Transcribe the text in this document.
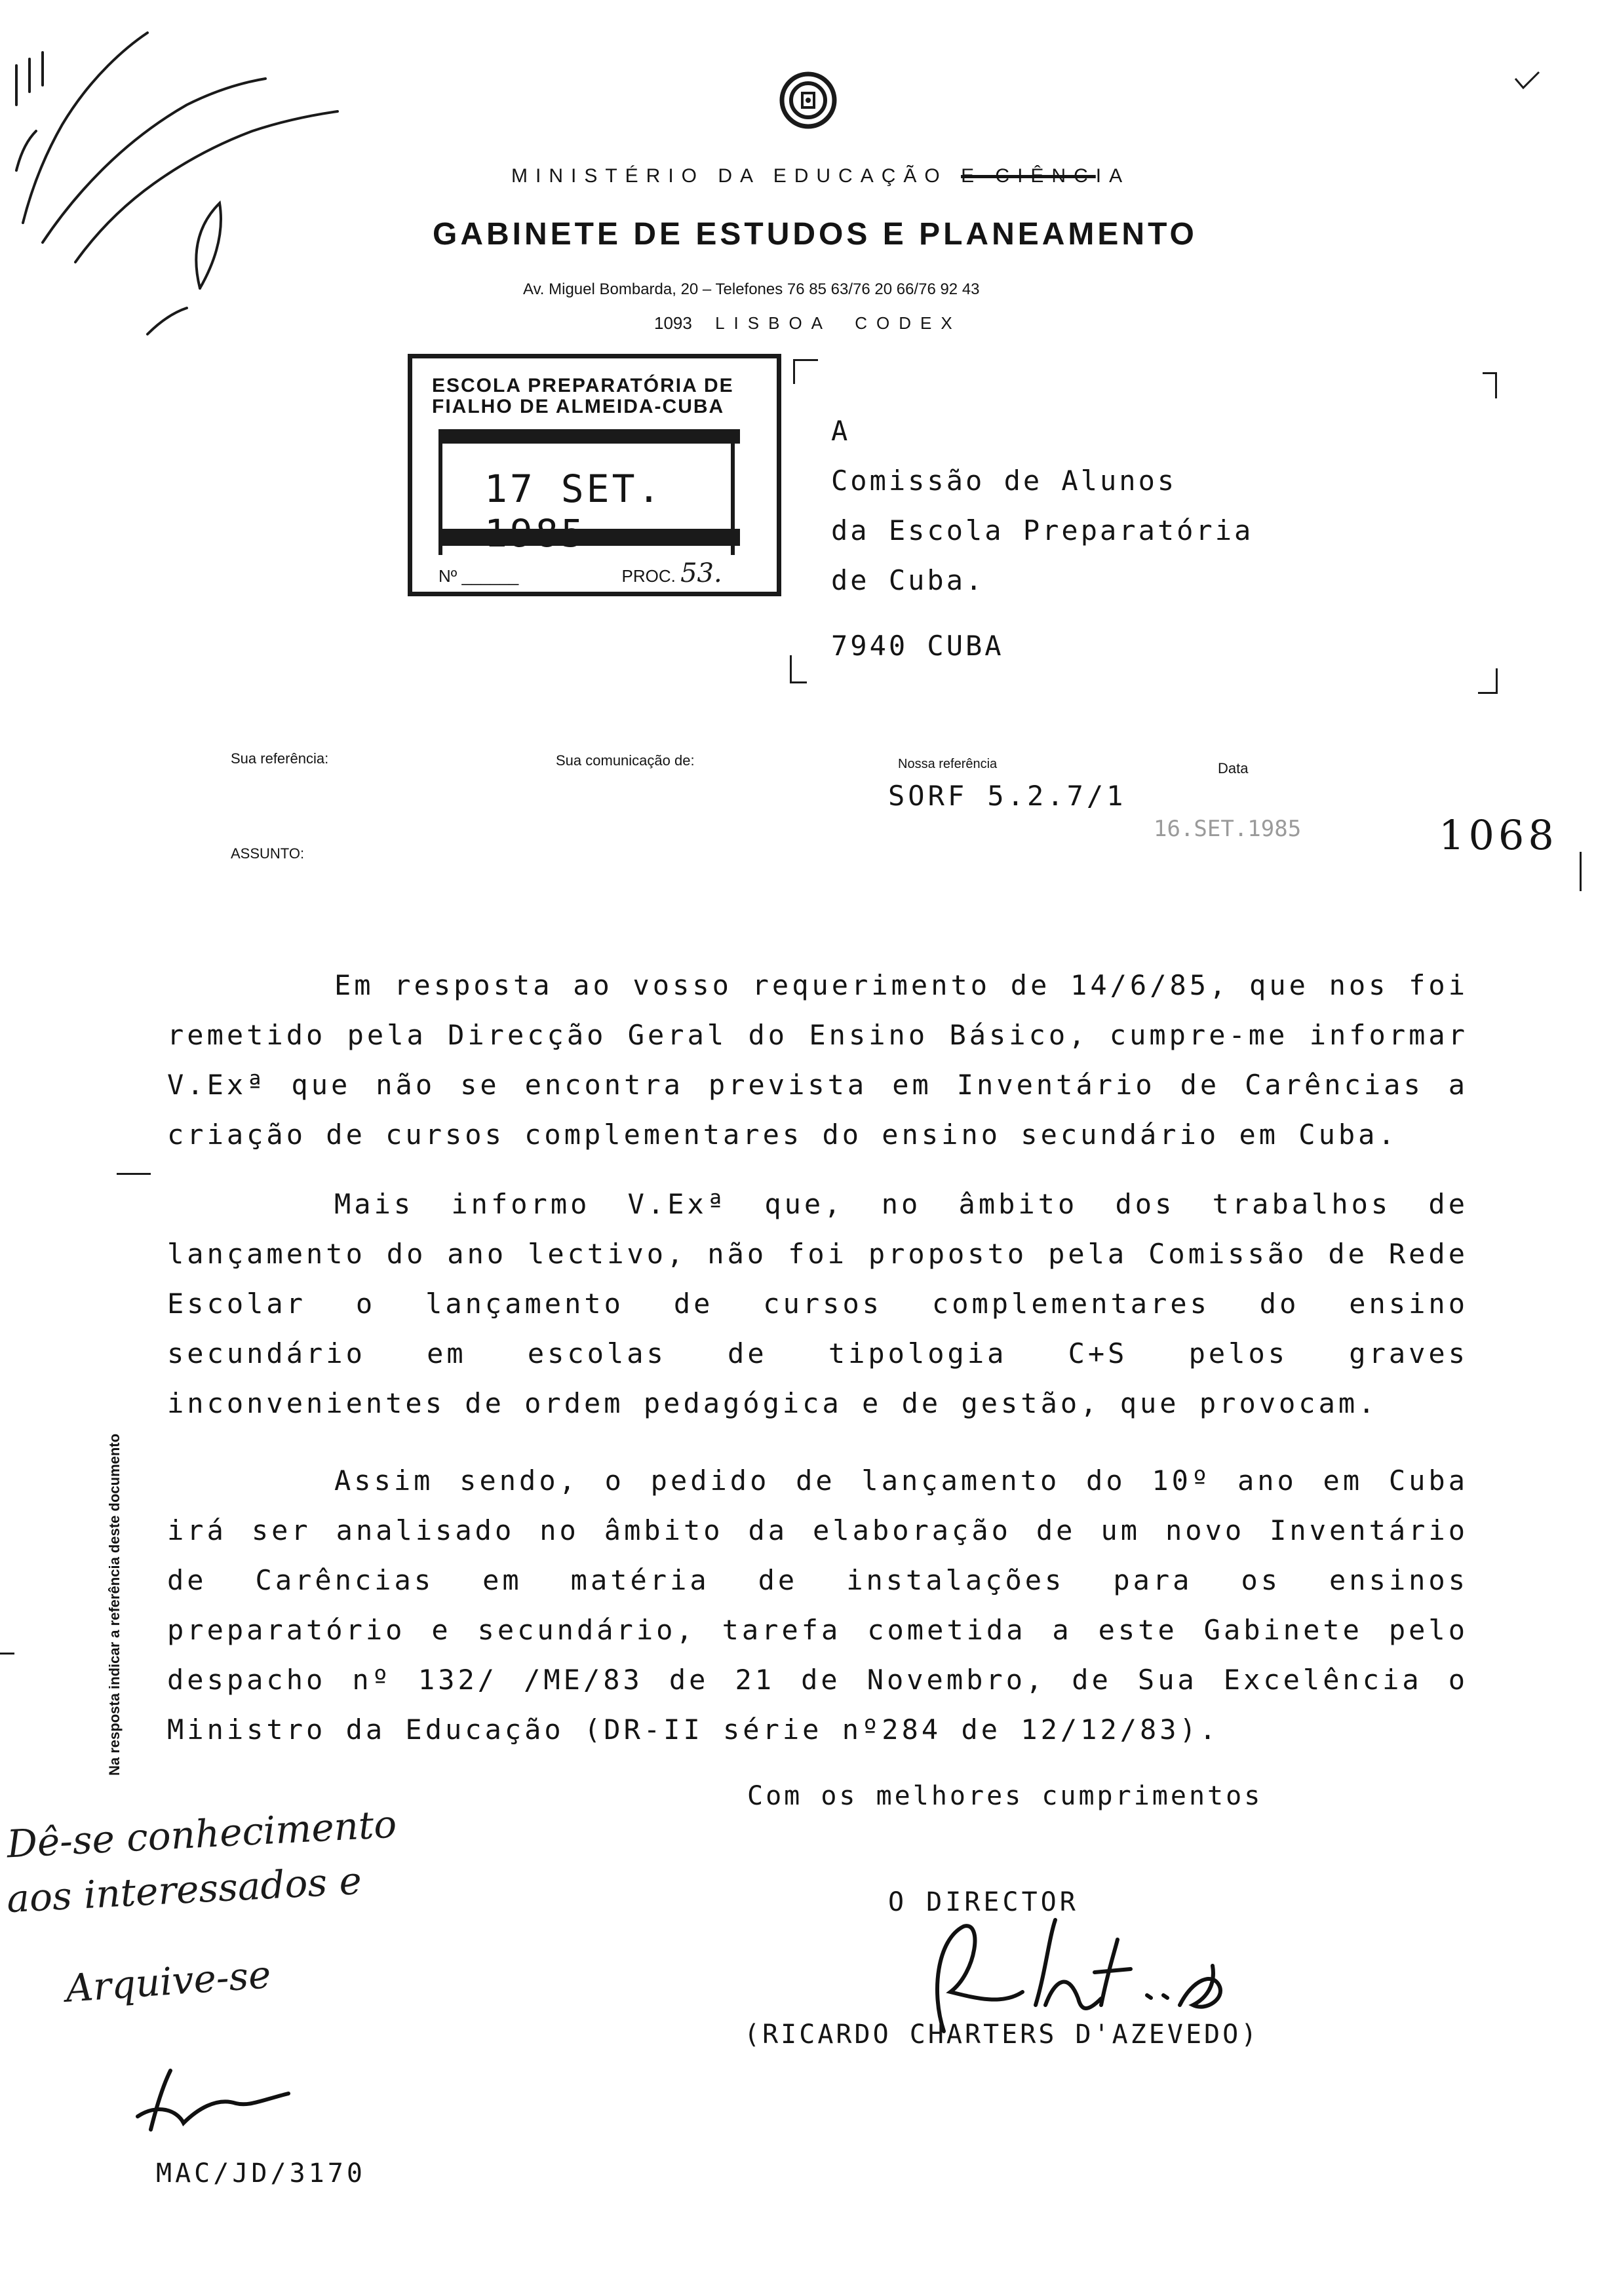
MINISTÉRIO DA EDUCAÇÃO E CIÊNCIA
GABINETE DE ESTUDOS E PLANEAMENTO
Av. Miguel Bombarda, 20 – Telefones 76 85 63/76 20 66/76 92 43
1093 LISBOA CODEX
ESCOLA PREPARATÓRIA DE FIALHO DE ALMEIDA-CUBA
17 SET.
Nº ______	PROC. 53.
A
Comissão de Alunos
da Escola Preparatória
de Cuba.
7940 CUBA
Sua referência:	Sua comunicação de:	Nossa referência	Data
SORF 5.2.7/1
16.SET.1985	1068
ASSUNTO:

Em resposta ao vosso requerimento de 14/6/85, que nos foi remetido pela Direcção Geral do Ensino Básico, cumpre-me informar V.Exª que não se encontra prevista em Inventário de Carências a criação de cursos complementares do ensino secundário em Cuba.

Mais informo V.Exª que, no âmbito dos trabalhos de lançamento do ano lectivo, não foi proposto pela Comissão de Rede Escolar o lançamento de cursos complementares do ensino secundário em escolas de tipologia C+S pelos graves inconvenientes de ordem pedagógica e de gestão, que provocam.

Assim sendo, o pedido de lançamento do 10º ano em Cuba irá ser analisado no âmbito da elaboração de um novo Inventário de Carências em matéria de instalações para os ensinos preparatório e secundário, tarefa cometida a este Gabinete pelo despacho nº 132/ /ME/83 de 21 de Novembro, de Sua Excelência o Ministro da Educação (DR-II série nº284 de 12/12/83).

Na resposta indicar a referência deste documento
Com os melhores cumprimentos
O DIRECTOR
(RICARDO CHARTERS D'AZEVEDO)
Dê-se conhecimento
aos interessados e
Arquive-se
MAC/JD/3170
